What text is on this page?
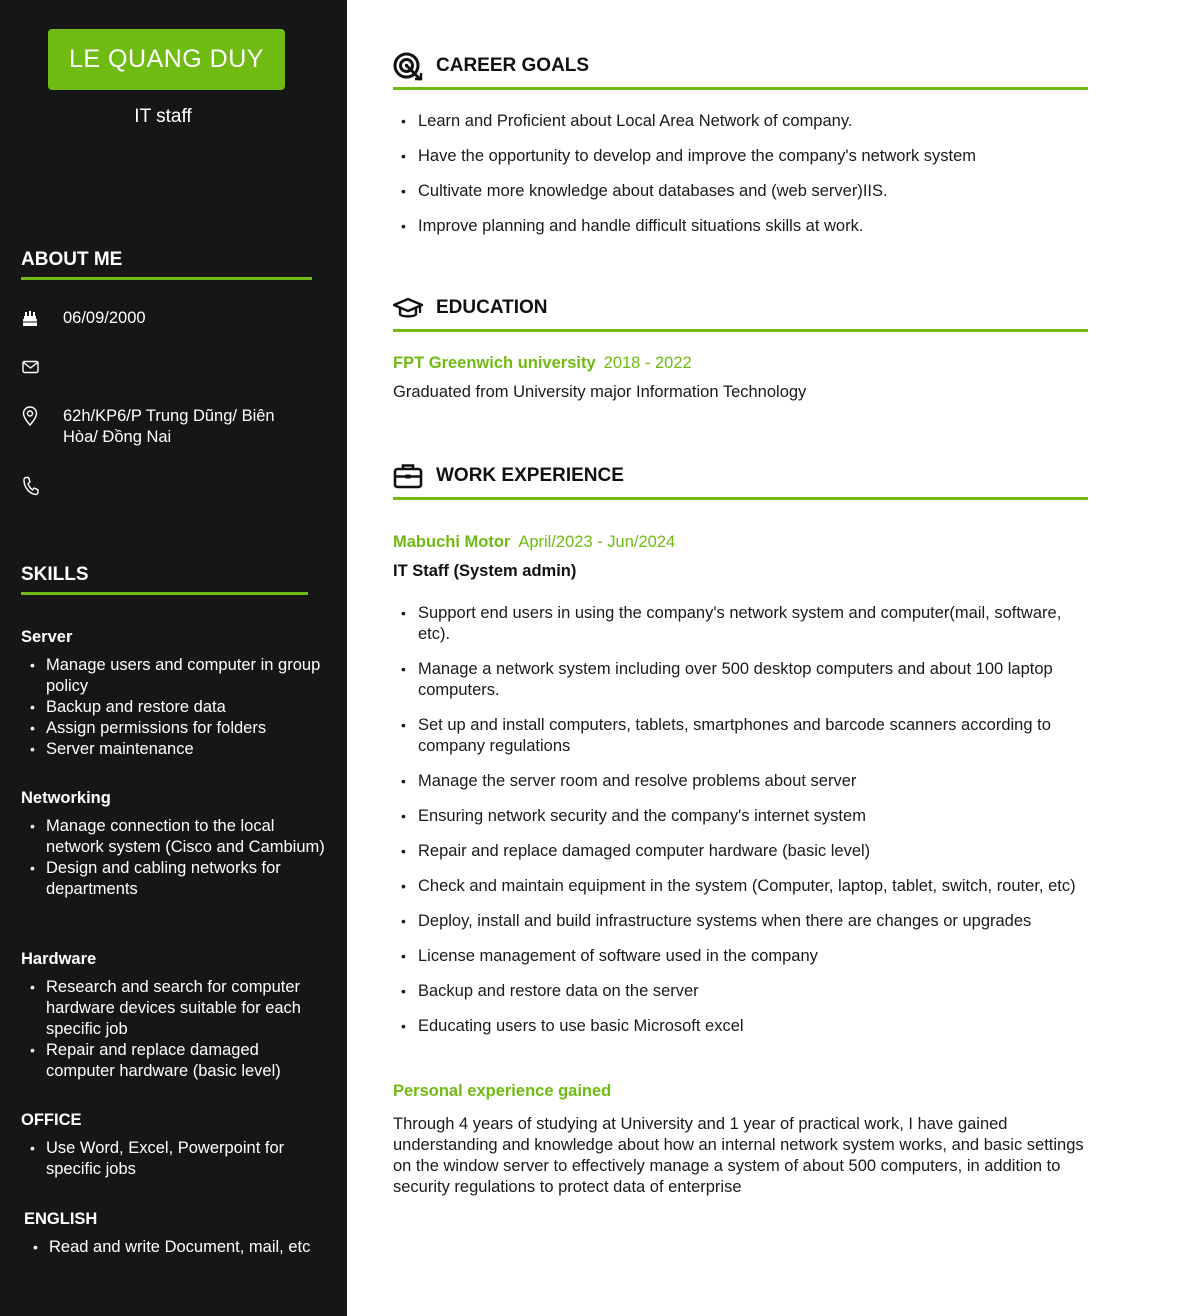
LE QUANG DUY
IT staff
ABOUT ME
06/09/2000
62h/KP6/P Trung Dũng/ Biên Hòa/ Đồng Nai
SKILLS
Server
• Manage users and computer in group policy
• Backup and restore data
• Assign permissions for folders
• Server maintenance
Networking
• Manage connection to the local network system (Cisco and Cambium)
• Design and cabling networks for departments
Hardware
• Research and search for computer hardware devices suitable for each specific job
• Repair and replace damaged computer hardware (basic level)
OFFICE
• Use Word, Excel, Powerpoint for specific jobs
ENGLISH
• Read and write Document, mail, etc
CAREER GOALS
• Learn and Proficient about Local Area Network of company.
• Have the opportunity to develop and improve the company's network system
• Cultivate more knowledge about databases and (web server)IIS.
• Improve planning and handle difficult situations skills at work.
EDUCATION
FPT Greenwich university 2018 - 2022
Graduated from University major Information Technology
WORK EXPERIENCE
Mabuchi Motor April/2023 - Jun/2024
IT Staff (System admin)
• Support end users in using the company's network system and computer(mail, software, etc).
• Manage a network system including over 500 desktop computers and about 100 laptop computers.
• Set up and install computers, tablets, smartphones and barcode scanners according to company regulations
• Manage the server room and resolve problems about server
• Ensuring network security and the company's internet system
• Repair and replace damaged computer hardware (basic level)
• Check and maintain equipment in the system (Computer, laptop, tablet, switch, router, etc)
• Deploy, install and build infrastructure systems when there are changes or upgrades
• License management of software used in the company
• Backup and restore data on the server
• Educating users to use basic Microsoft excel
Personal experience gained
Through 4 years of studying at University and 1 year of practical work, I have gained understanding and knowledge about how an internal network system works, and basic settings on the window server to effectively manage a system of about 500 computers, in addition to security regulations to protect data of enterprise
